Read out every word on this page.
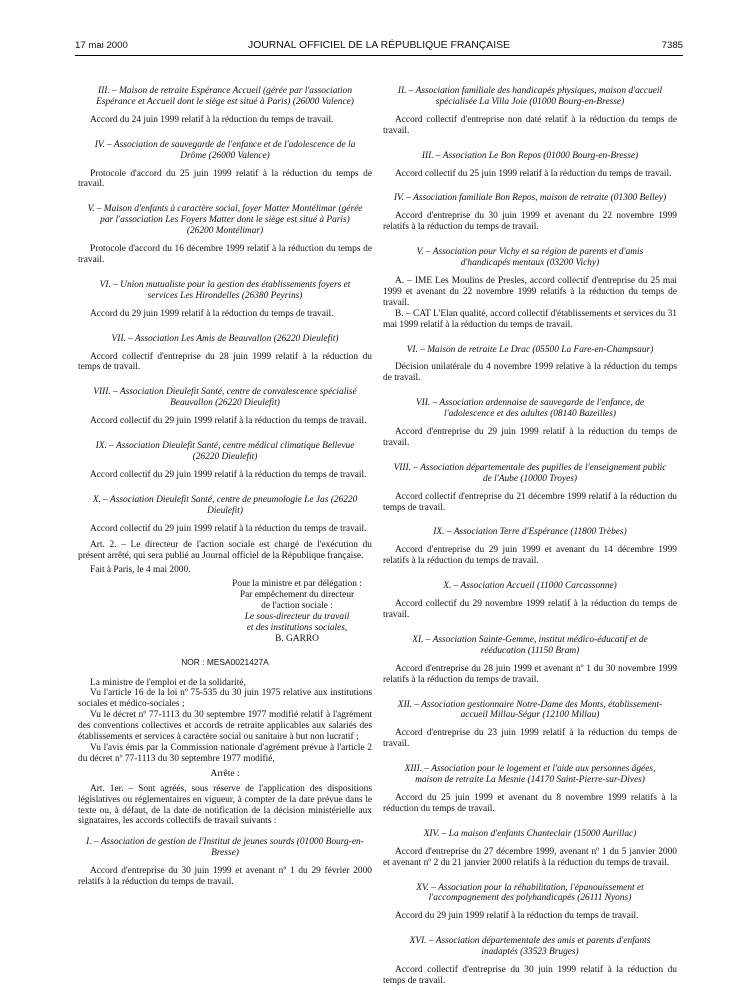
17 mai 2000	JOURNAL OFFICIEL DE LA RÉPUBLIQUE FRANÇAISE	7385
III. – Maison de retraite Espérance Accueil (gérée par l'association Espérance et Accueil dont le siège est situé à Paris) (26000 Valence)
Accord du 24 juin 1999 relatif à la réduction du temps de travail.
IV. – Association de sauvegarde de l'enfance et de l'adolescence de la Drôme (26000 Valence)
Protocole d'accord du 25 juin 1999 relatif à la réduction du temps de travail.
V. – Maison d'enfants à caractère social, foyer Matter Montélimar (gérée par l'association Les Foyers Matter dont le siège est situé à Paris) (26200 Montélimar)
Protocole d'accord du 16 décembre 1999 relatif à la réduction du temps de travail.
VI. – Union mutualiste pour la gestion des établissements foyers et services Les Hirondelles (26380 Peyrins)
Accord du 29 juin 1999 relatif à la réduction du temps de travail.
VII. – Association Les Amis de Beauvallon (26220 Dieulefit)
Accord collectif d'entreprise du 28 juin 1999 relatif à la réduction du temps de travail.
VIII. – Association Dieulefit Santé, centre de convalescence spécialisé Beauvallon (26220 Dieulefit)
Accord collectif du 29 juin 1999 relatif à la réduction du temps de travail.
IX. – Association Dieulefit Santé, centre médical climatique Bellevue (26220 Dieulefit)
Accord collectif du 29 juin 1999 relatif à la réduction du temps de travail.
X. – Association Dieulefit Santé, centre de pneumologie Le Jas (26220 Dieulefit)
Accord collectif du 29 juin 1999 relatif à la réduction du temps de travail.
Art. 2. – Le directeur de l'action sociale est chargé de l'exécution du présent arrêté, qui sera publié au Journal officiel de la République française.
Fait à Paris, le 4 mai 2000.
Pour la ministre et par délégation :
Par empêchement du directeur
de l'action sociale :
Le sous-directeur du travail
et des institutions sociales,
B. GARRO
NOR : MESA0021427A
La ministre de l'emploi et de la solidarité,
Vu l'article 16 de la loi nº 75-535 du 30 juin 1975 relative aux institutions sociales et médico-sociales ;
Vu le décret nº 77-1113 du 30 septembre 1977 modifié relatif à l'agrément des conventions collectives et accords de retraite applicables aux salariés des établissements et services à caractère social ou sanitaire à but non lucratif ;
Vu l'avis émis par la Commission nationale d'agrément prévue à l'article 2 du décret nº 77-1113 du 30 septembre 1977 modifié,
Arrête :
Art. 1er. – Sont agréés, sous réserve de l'application des dispositions législatives ou réglementaires en vigueur, à compter de la date prévue dans le texte ou, à défaut, de la date de notification de la décision ministérielle aux signataires, les accords collectifs de travail suivants :
I. – Association de gestion de l'Institut de jeunes sourds (01000 Bourg-en-Bresse)
Accord d'entreprise du 30 juin 1999 et avenant nº 1 du 29 février 2000 relatifs à la réduction du temps de travail.
II. – Association familiale des handicapés physiques, maison d'accueil spécialisée La Villa Joie (01000 Bourg-en-Bresse)
Accord collectif d'entreprise non daté relatif à la réduction du temps de travail.
III. – Association Le Bon Repos (01000 Bourg-en-Bresse)
Accord collectif du 25 juin 1999 relatif à la réduction du temps de travail.
IV. – Association familiale Bon Repos, maison de retraite (01300 Belley)
Accord d'entreprise du 30 juin 1999 et avenant du 22 novembre 1999 relatifs à la réduction du temps de travail.
V. – Association pour Vichy et sa région de parents et d'amis d'handicapés mentaux (03200 Vichy)
A. – IME Les Moulins de Presles, accord collectif d'entreprise du 25 mai 1999 et avenant du 22 novembre 1999 relatifs à la réduction du temps de travail.
B. – CAT L'Elan qualité, accord collectif d'établissements et services du 31 mai 1999 relatif à la réduction du temps de travail.
VI. – Maison de retraite Le Drac (05500 La Fare-en-Champsaur)
Décision unilatérale du 4 novembre 1999 relative à la réduction du temps de travail.
VII. – Association ardennaise de sauvegarde de l'enfance, de l'adolescence et des adultes (08140 Bazeilles)
Accord d'entreprise du 29 juin 1999 relatif à la réduction du temps de travail.
VIII. – Association départementale des pupilles de l'enseignement public de l'Aube (10000 Troyes)
Accord collectif d'entreprise du 21 décembre 1999 relatif à la réduction du temps de travail.
IX. – Association Terre d'Espérance (11800 Trèbes)
Accord d'entreprise du 29 juin 1999 et avenant du 14 décembre 1999 relatifs à la réduction du temps de travail.
X. – Association Accueil (11000 Carcassonne)
Accord collectif du 29 novembre 1999 relatif à la réduction du temps de travail.
XI. – Association Sainte-Gemme, institut médico-éducatif et de rééducation (11150 Bram)
Accord d'entreprise du 28 juin 1999 et avenant nº 1 du 30 novembre 1999 relatifs à la réduction du temps de travail.
XII. – Association gestionnaire Notre-Dame des Monts, établissement-accueil Millau-Ségur (12100 Millau)
Accord d'entreprise du 23 juin 1999 relatif à la réduction du temps de travail.
XIII. – Association pour le logement et l'aide aux personnes âgées, maison de retraite La Mesnie (14170 Saint-Pierre-sur-Dives)
Accord du 25 juin 1999 et avenant du 8 novembre 1999 relatifs à la réduction du temps de travail.
XIV. – La maison d'enfants Chanteclair (15000 Aurillac)
Accord d'entreprise du 27 décembre 1999, avenant nº 1 du 5 janvier 2000 et avenant nº 2 du 21 janvier 2000 relatifs à la réduction du temps de travail.
XV. – Association pour la réhabilitation, l'épanouissement et l'accompagnement des polyhandicapés (26111 Nyons)
Accord du 29 juin 1999 relatif à la réduction du temps de travail.
XVI. – Association départementale des amis et parents d'enfants inadaptés (33523 Bruges)
Accord collectif d'entreprise du 30 juin 1999 relatif à la réduction du temps de travail.
